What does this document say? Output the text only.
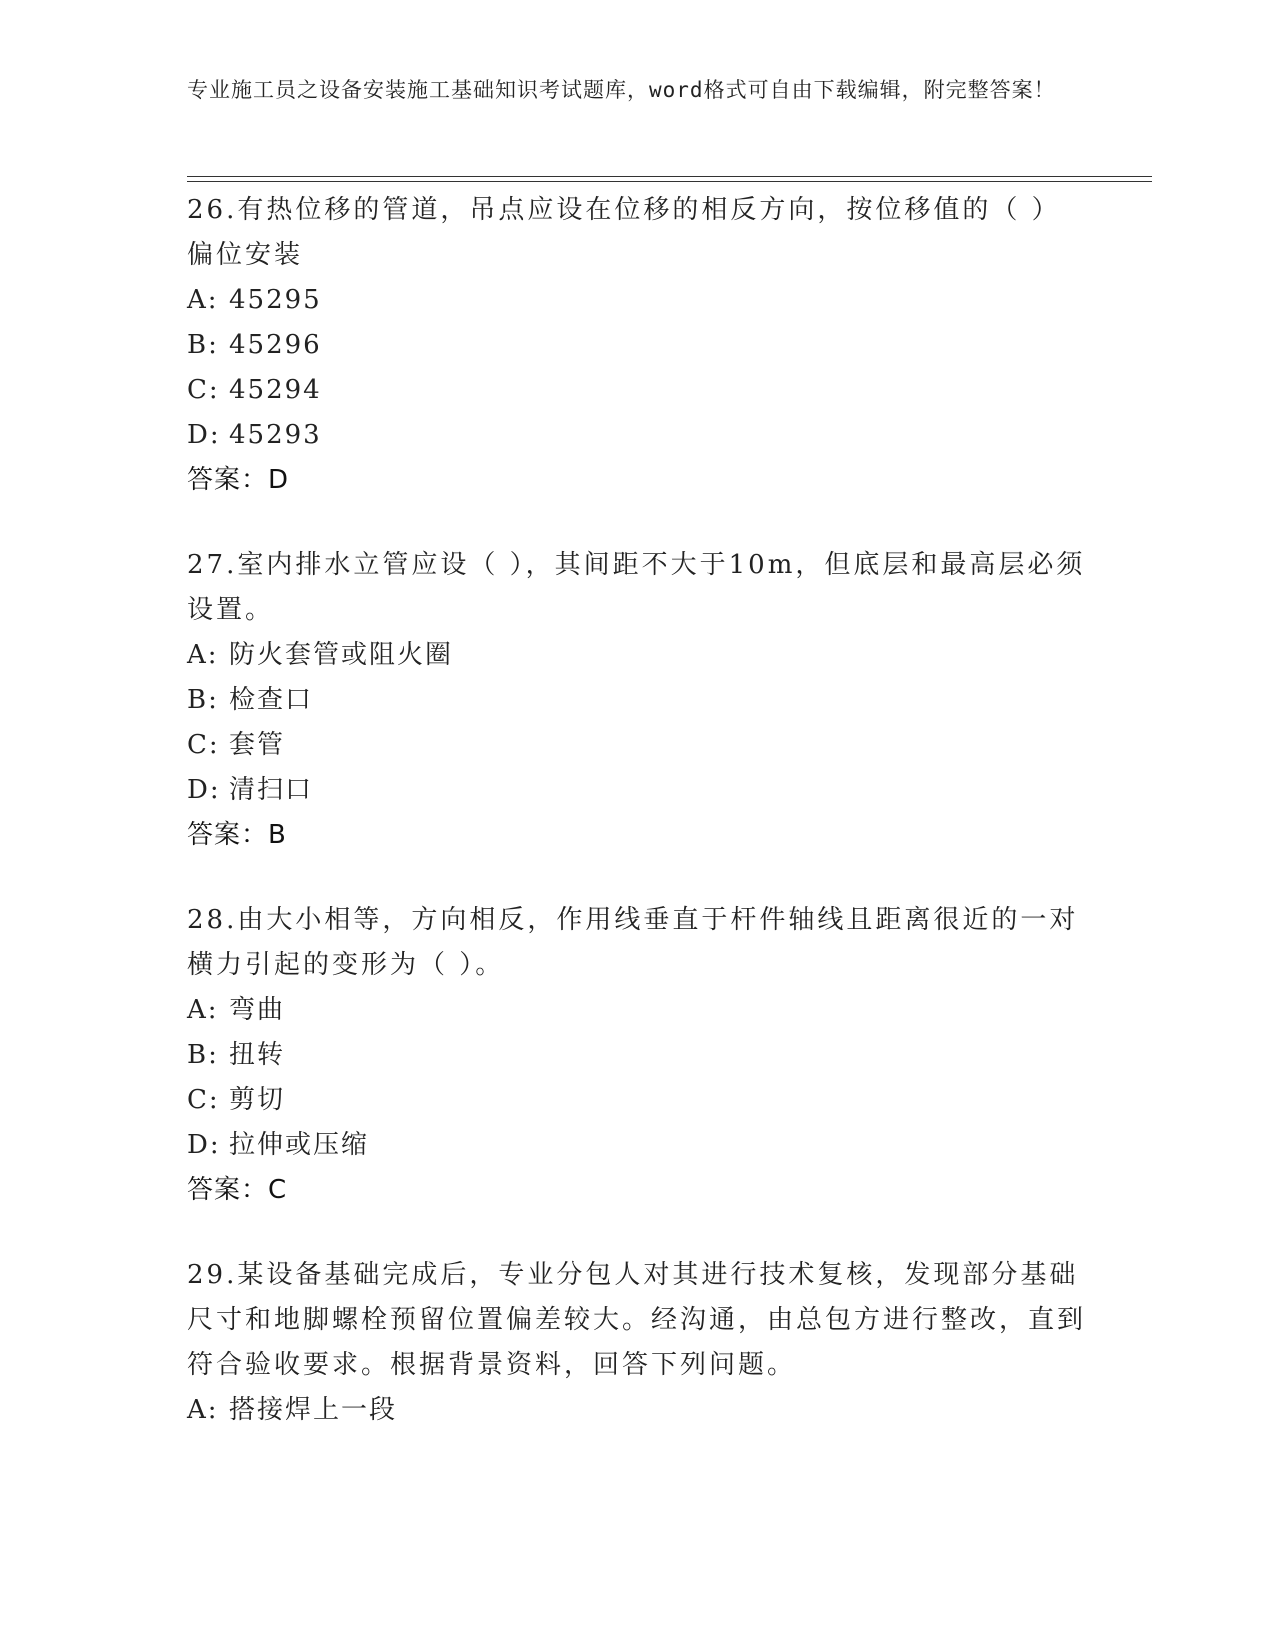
专业施工员之设备安装施工基础知识考试题库，word格式可自由下载编辑，附完整答案！

26.有热位移的管道，吊点应设在位移的相反方向，按位移值的（ ）偏位安装

A: 45295
B: 45296
C: 45294
D: 45293
答案：D

27.室内排水立管应设（ ），其间距不大于10m，但底层和最高层必须设置。

A: 防火套管或阻火圈
B: 检查口
C: 套管
D: 清扫口
答案：B

28.由大小相等，方向相反，作用线垂直于杆件轴线且距离很近的一对横力引起的变形为（ ）。

A: 弯曲
B: 扭转
C: 剪切
D: 拉伸或压缩
答案：C

29.某设备基础完成后，专业分包人对其进行技术复核，发现部分基础尺寸和地脚螺栓预留位置偏差较大。经沟通，由总包方进行整改，直到符合验收要求。根据背景资料，回答下列问题。

A: 搭接焊上一段
